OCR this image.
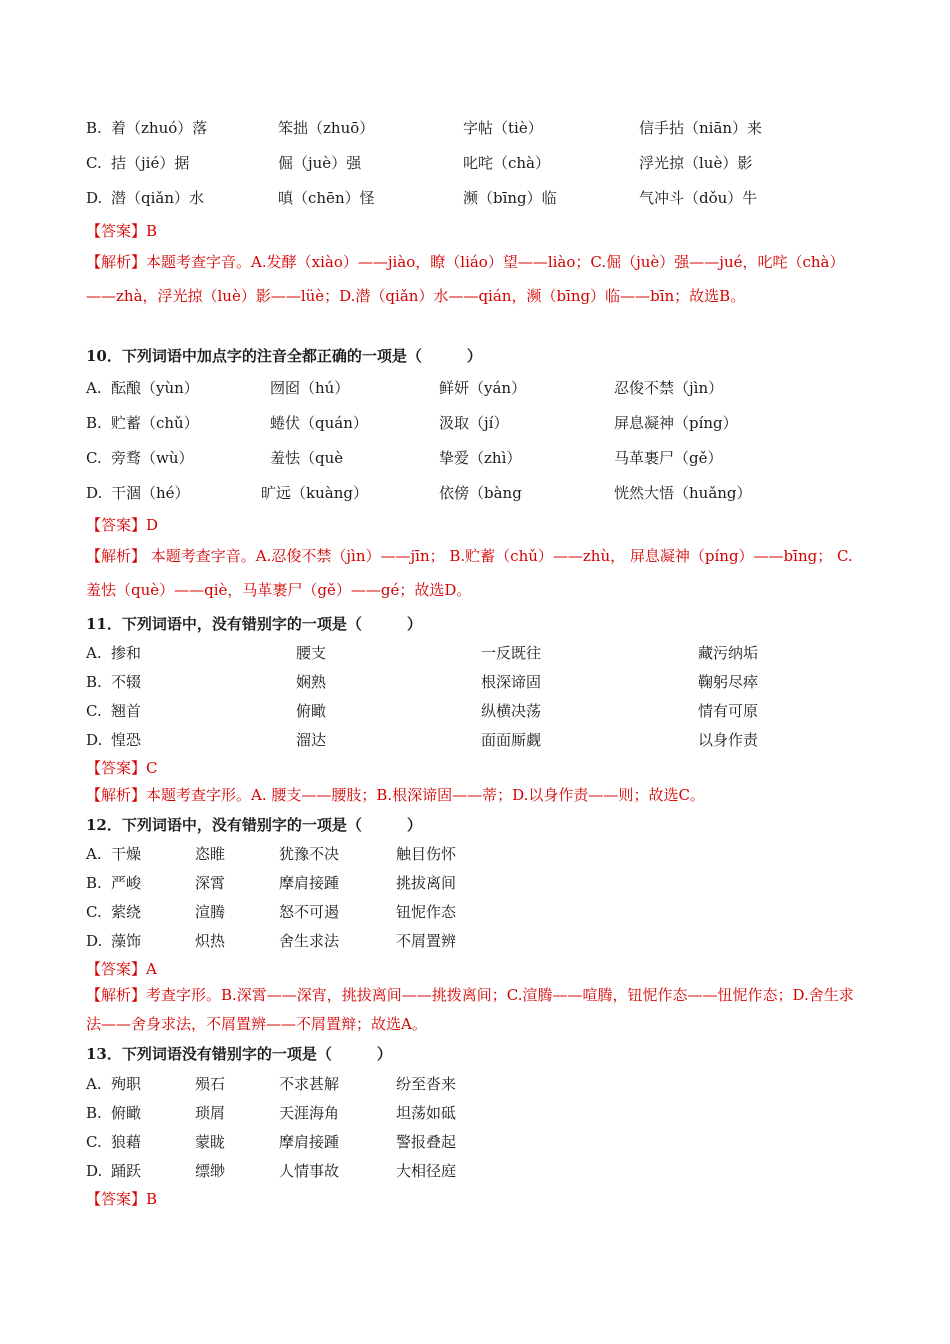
B. 着（zhuó）落	笨拙（zhuō）	字帖（tiè）	信手拈（niān）来
C. 拮（jié）据	倔（juè）强	叱咤（chà）	浮光掠（luè）影
D. 潜（qiǎn）水	嗔（chēn）怪	濒（bīng）临	气冲斗（dǒu）牛
【答案】B
【解析】本题考查字音。A.发酵（xiào）——jiào，瞭（liáo）望——liào；C.倔（juè）强——jué，叱咤（chà）——zhà，浮光掠（luè）影——lüè；D.潜（qiǎn）水——qián，濒（bīng）临——bīn；故选B。
10．下列词语中加点字的注音全都正确的一项是（　　　）
A. 酝酿（yùn）	囫囵（hú）	鲜妍（yán）	忍俊不禁（jìn）
B. 贮蓄（chǔ）	蜷伏（quán）	汲取（jí）	屏息凝神（píng）
C. 旁骛（wù）	羞怯（què	挚爱（zhì）	马革裹尸（gě）
D. 干涸（hé）	旷远（kuàng）	依傍（bàng	恍然大悟（huǎng）
【答案】D
【解析】 本题考查字音。A.忍俊不禁（jìn）——jīn； B.贮蓄（chǔ）——zhù， 屏息凝神（píng）——bīng； C.羞怯（què）——qiè，马革裹尸（gě）——gé；故选D。
11．下列词语中，没有错别字的一项是（　　　）
A. 掺和	腰支	一反既往	藏污纳垢
B. 不辍	娴熟	根深谛固	鞠躬尽瘁
C. 翘首	俯瞰	纵横决荡	情有可原
D. 惶恐	溜达	面面厮觑	以身作责
【答案】C
【解析】本题考查字形。A. 腰支——腰肢；B.根深谛固——蒂；D.以身作责——则；故选C。
12．下列词语中，没有错别字的一项是（　　　）
A. 干燥	恣睢	犹豫不决	触目伤怀
B. 严峻	深霄	摩肩接踵	挑拔离间
C. 萦绕	渲腾	怒不可遏	钮怩作态
D. 藻饰	炽热	舍生求法	不屑置辨
【答案】A
【解析】考查字形。B.深霄——深宵，挑拔离间——挑拨离间；C.渲腾——喧腾，钮怩作态——忸怩作态；D.舍生求法——舍身求法，不屑置辨——不屑置辩；故选A。
13．下列词语没有错别字的一项是（　　　）
A. 殉职	殒石	不求甚解	纷至沓来
B. 俯瞰	琐屑	天涯海角	坦荡如砥
C. 狼藉	蒙眬	摩肩接踵	警报叠起
D. 踊跃	缥缈	人情事故	大相径庭
【答案】B
